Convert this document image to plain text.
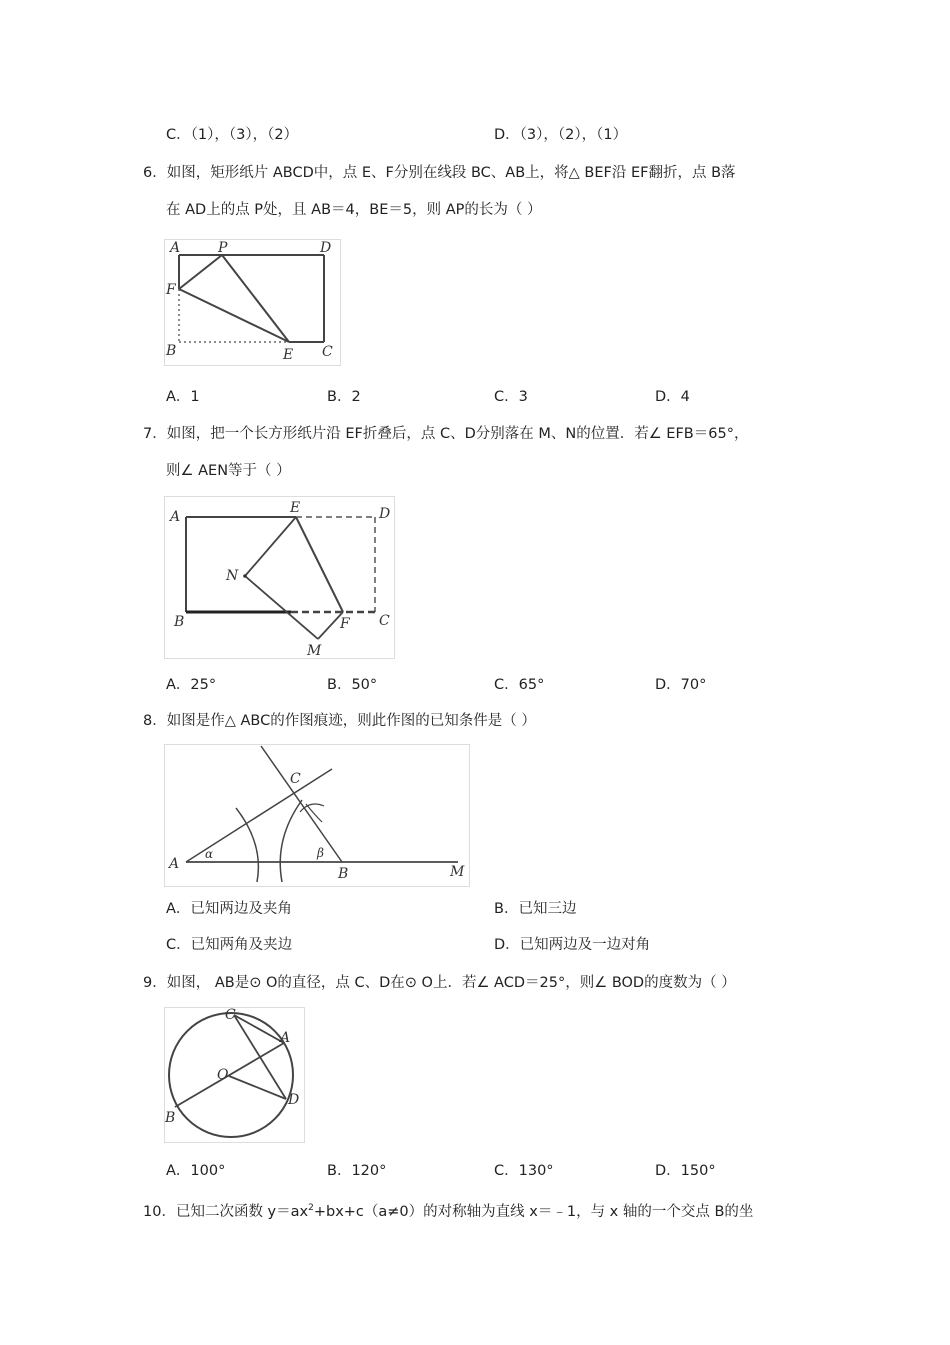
C．（1），（3），（2）	D．（3），（2），（1）
6．如图，矩形纸片 ABCD中，点 E、F分别在线段 BC、AB上，将△ BEF沿 EF翻折，点 B落
在 AD上的点 P处，且 AB＝4，BE＝5，则 AP的长为（ ）
A	P	D
F
B	E C
A．1	B．2	C．3	D．4
7．如图，把一个长方形纸片沿 EF折叠后，点 C、D分别落在 M、N的位置．若∠ EFB＝65°，
则∠ AEN等于（ ）
A
E	D
N
B	F C
M
A．25°	B．50°	C．65°	D．70°
8．如图是作△ ABC的作图痕迹，则此作图的已知条件是（ ）
A
α
C
β
B	M
A．已知两边及夹角	B．已知三边
C．已知两角及夹边	D．已知两边及一边对角
9．如图， AB是⊙ O的直径，点 C、D在⊙ O上．若∠ ACD＝25°，则∠ BOD的度数为（ ）
C
A
O
B
D
A．100°	B．120°	C．130°	D．150°
10．已知二次函数 $y=ax^2+bx+c(a\ne 0)$的对称轴为直线 x＝﹣1，与 x 轴的一个交点 B的坐
